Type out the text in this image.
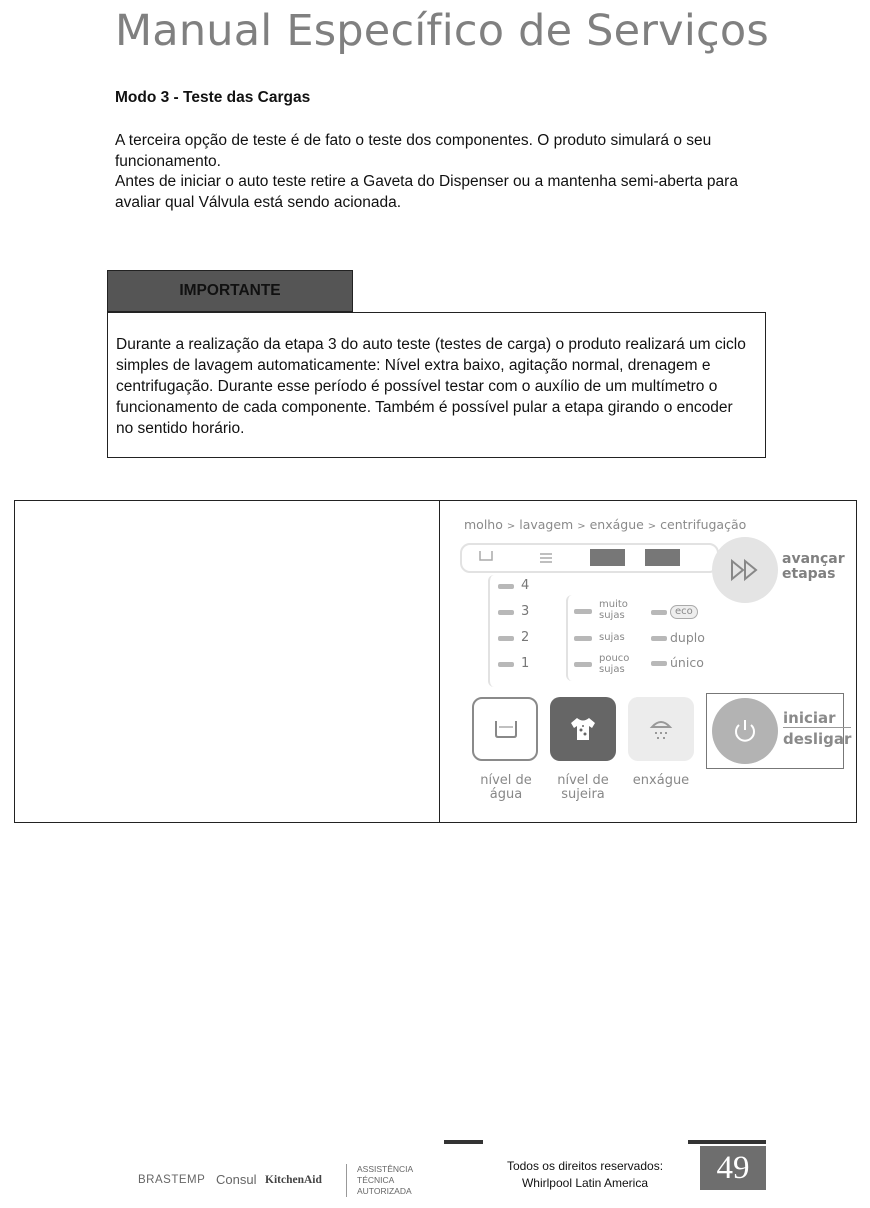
Manual Específico de Serviços
Modo 3 - Teste das Cargas
A terceira opção de teste é de fato o teste dos componentes. O produto simulará o seu funcionamento.
Antes de iniciar o auto teste retire a Gaveta do Dispenser ou a mantenha semi-aberta para avaliar qual Válvula está sendo acionada.
IMPORTANTE
Durante a realização da etapa 3 do auto teste (testes de carga) o produto realizará um ciclo simples de lavagem automaticamente: Nível extra baixo, agitação normal, drenagem e centrifugação. Durante esse período é possível testar com o auxílio de um multímetro o funcionamento de cada componente. Também é possível pular a etapa girando o encoder no sentido horário.
molho > lavagem > enxágue > centrifugação
avançar
etapas
4
3
2
1
muito
sujas
sujas
pouco
sujas
eco
duplo
único
nível de
água
nível de
sujeira
enxágue
iniciar
desligar
Todos os direitos reservados:
Whirlpool Latin America	49
BRASTEMP Consul KitchenAid
ASSISTÊNCIA
TÉCNICA
AUTORIZADA
